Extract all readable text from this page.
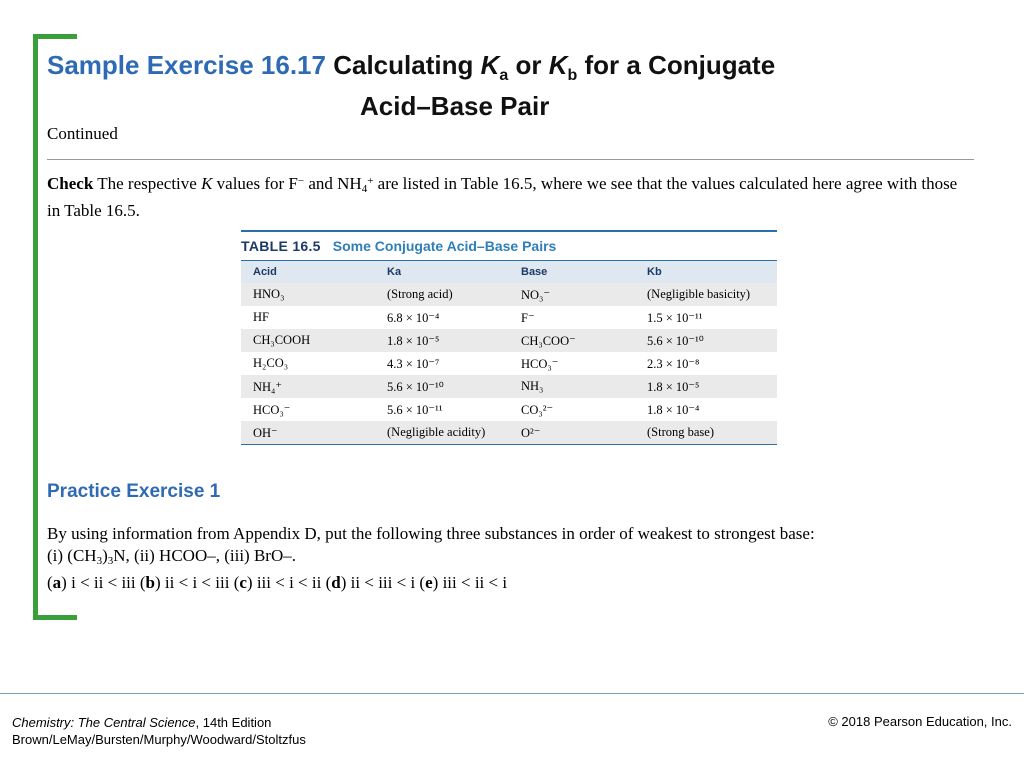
Sample Exercise 16.17 Calculating $K_a$ or $K_b$ for a Conjugate
Acid–Base Pair
Continued
Check The respective K values for F− and $NH_4^+$ are listed in Table 16.5, where we see that the values calculated here agree with those in Table 16.5.
TABLE 16.5 Some Conjugate Acid–Base Pairs
Acid	Ka	Base	Kb
HNO₃	(Strong acid)	NO₃⁻	(Negligible basicity)
HF	6.8 × 10⁻⁴	F⁻	1.5 × 10⁻¹¹
CH₃COOH	1.8 × 10⁻⁵	CH₃COO⁻	5.6 × 10⁻¹⁰
H₂CO₃	4.3 × 10⁻⁷	HCO₃⁻	2.3 × 10⁻⁸
NH₄⁺	5.6 × 10⁻¹⁰	NH₃	1.8 × 10⁻⁵
HCO₃⁻	5.6 × 10⁻¹¹	CO₃²⁻	1.8 × 10⁻⁴
OH⁻	(Negligible acidity)	O²⁻	(Strong base)
Practice Exercise 1
By using information from Appendix D, put the following three substances in order of weakest to strongest base:
(i) $(CH_3)_3N$, (ii) HCOO–, (iii) BrO–.
(a) i < ii < iii (b) ii < i < iii (c) iii < i < ii (d) ii < iii < i (e) iii < ii < i
Chemistry: The Central Science, 14th Edition
Brown/LeMay/Bursten/Murphy/Woodward/Stoltzfus
© 2018 Pearson Education, Inc.
